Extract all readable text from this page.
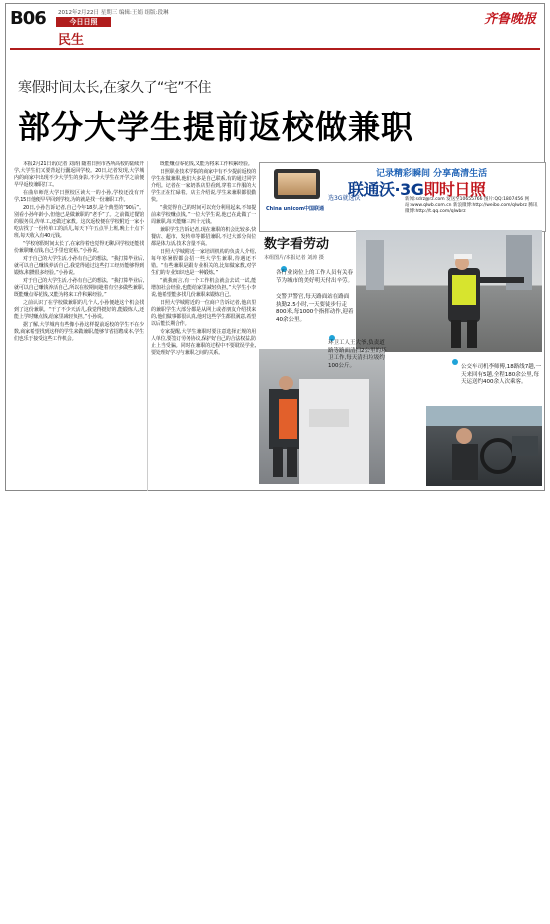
B06 2012年2月22日 星期三 编辑:王娟 组版:段琳
今日日照
民生
齐鲁晚报
寒假时间太长,在家久了“宅”不住
部分大学生提前返校做兼职

本报2月21日讯(记者 刘涛) 随着日照市各所高校的陆续开学,大学生们又要背起行囊返回学校。20日,记者发现,大学城内的商家中出现不少大学生的身影,不少大学生在开学之前便早早返校兼职打工。

在曲阜师范大学日照校区读大一的小孙,学校还没有开学,15日他便早早回到学校,为的就是找一份兼职工作。

20日,小孙告诉记者,自己今年18岁,是个典型的“90后”。别看小孙年龄小,但他已是做兼职的“老手”了。之前做过餐馆的服务员,传单工,还做过家教。这次返校便在学校附近一家小吃店找了一份传单工的活儿,每天下午五点半上班,晚上十点下班,每天收入有40元钱。

“学校寒假时间太长了,在家待着也觉得无聊,回学校还能找份兼职赚点钱,自己手里也宽裕。”小孙说。

对于自己的大学生活,小孙有自己的想法。“我打算毕业后,就可以自己赚钱养活自己,我觉得通过这些打工经历能够得到锻炼,积攒很多经验。”小孙说。

对于自己的大学生活,小孙有自己的想法。“我打算毕业后,就可以自己赚钱养活自己,所以在校期间趁着有空多做些兼职,既能赚点零花钱,又能为将来工作积累经验。”

之前认识了在学校做兼职的几个人,小孙便趁这个机会找到了这份兼职。“干了不少天活儿,我觉得挺好的,能锻炼人,还能上学时赚点钱,给家里减轻负担。”小孙说。

据了解,大学城内有些像小孙这样提前返校的学生不在少数,商家希望找到这样的学生来做兼职,能够节省招聘成本,学生们也乐于接受这些工作机会。

既能赚点零花钱,又能为将来工作积累经验。

日照职业技术学院的商家中有不少提前返校的学生在做兼职,他们大多是自己联系,有的通过同学介绍。记者在一家奶茶店里看到,穿着工作服的大学生正在忙碌着。店主介绍说,学生来兼职都很勤快。

“我觉得自己的时间可以充分利用起来,不如提前来学校赚点钱。”一位大学生说,他已在此做了一周兼职,每天能赚三四十元钱。

兼职学生告诉记者,现在兼职的机会比较多,快餐店、超市、发传单等都招兼职,不过大部分岗位都是体力活,技术含量不高。

日照大学城附近一家培训机构的负责人介绍,每年寒暑假都会招一些大学生兼职,待遇还不错。“有些兼职是跟专业相关的,比如做家教,对学生们的专业知识也是一种锻炼。”

“就我而言,有一个工作机会就会去试一试,能增加社会经验,也能给家里减轻负担。”大学生小李说,他希望能多找几份兼职来锻炼自己。

日照大学城附近的一位商户告诉记者,他店里的兼职学生大部分都是从网上或者朋友介绍找来的,他们做事都很认真,他对这些学生都很满意,希望以后能长期合作。

专家提醒,大学生兼职时要注意选择正规的用人单位,要签订劳务协议,保护好自己的合法权益,防止上当受骗。同时在兼职的过程中不要耽误学业,要处理好学习与兼职之间的关系。

China unicom中国联通
记录精彩瞬间 分享高清生活
联通沃·3G即时日照
选3G就选沃	新闻:sdrz@rz.com 发送至10655766 图片:QQ:1807456 网站:www.qlwb.com.cn 新浪微博:http://weibo.com/qlwbrz 腾讯微博:http://t.qq.com/qlwbrz
数字看劳动
本组图片/本报记者 刘涛 摄
各行业岗位上的工作人员有关春节为城市的美好明天付出辛劳。
交警尹警官,每天路面站在路面执勤2.5小时,一天要徒步行走800米,每1000个指挥动作,迎着40余公里。
环卫工人王大爷,负责道路等路面清扫2公里的环卫工作,每天清扫垃圾约100公斤。	公交车司机李师傅,18路线7趟,一天来回有5趟,全程180余公里,每天运送约400余人次乘客。
